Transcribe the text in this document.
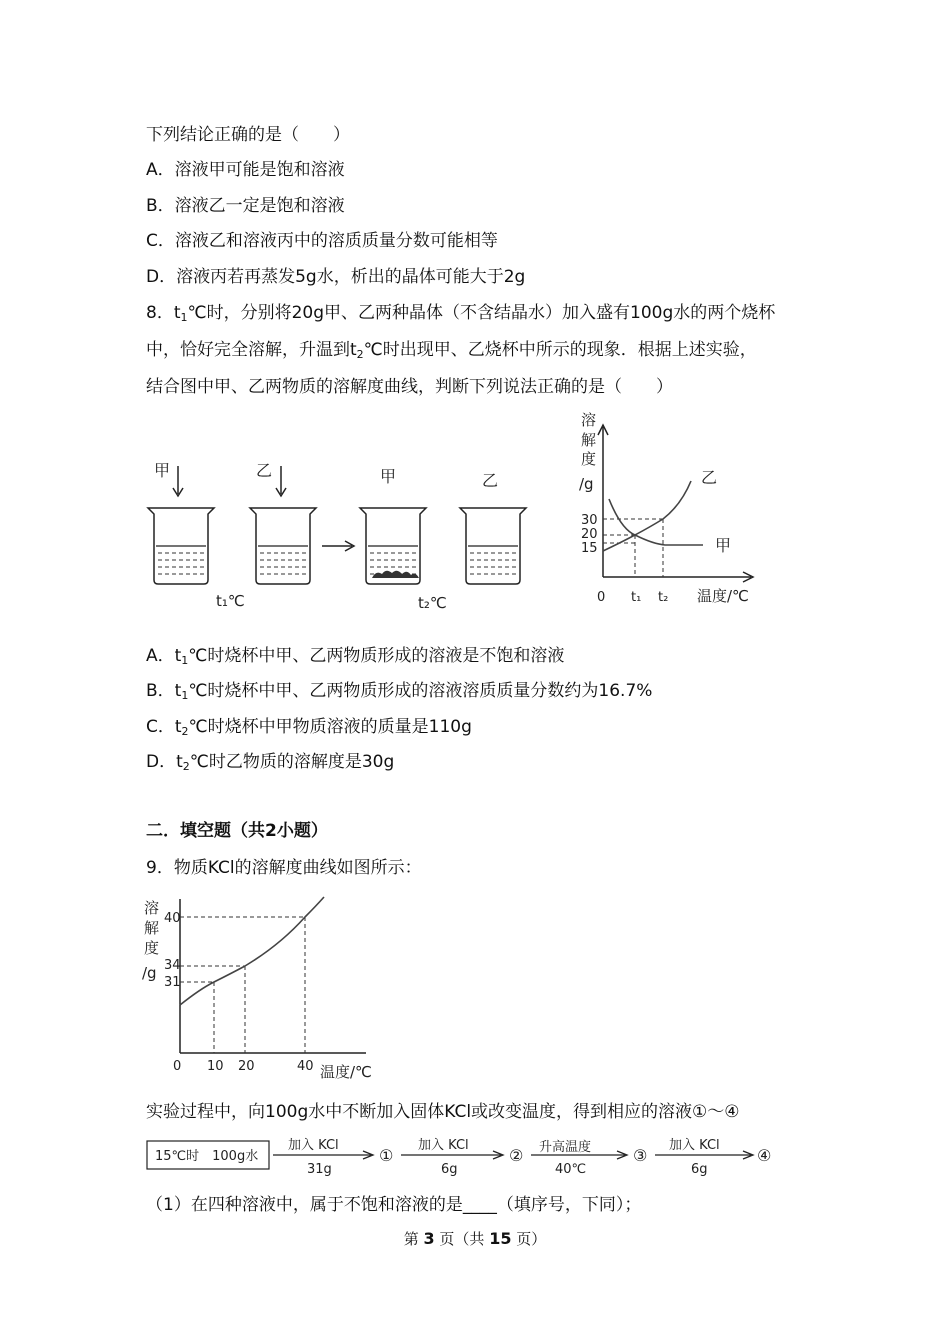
下列结论正确的是（　　）

A．溶液甲可能是饱和溶液

B．溶液乙一定是饱和溶液

C．溶液乙和溶液丙中的溶质质量分数可能相等

D．溶液丙若再蒸发5g水，析出的晶体可能大于2g

8．$t_1℃$时，分别将20g甲、乙两种晶体（不含结晶水）加入盛有100g水的两个烧杯

中，恰好完全溶解，升温到$t_2℃$时出现甲、乙烧杯中所示的现象．根据上述实验，

结合图中甲、乙两物质的溶解度曲线，判断下列说法正确的是（　　）

甲	乙
t₁℃
甲	乙
t₂℃
溶
解
度
/g
30
20
15
0 t₁ t₂ 温度/℃
乙
甲

A．$t_1℃$时烧杯中甲、乙两物质形成的溶液是不饱和溶液

B．$t_1℃$时烧杯中甲、乙两物质形成的溶液溶质质量分数约为16.7%

C．$t_2℃$时烧杯中甲物质溶液的质量是110g

D．$t_2℃$时乙物质的溶解度是30g

二．填空题（共2小题）

9．物质KCl的溶解度曲线如图所示：

溶
解
度
/g
40
34
31
0 10 20	40 温度/℃

实验过程中，向100g水中不断加入固体KCl或改变温度，得到相应的溶液①～④

15℃时　100g水
加入 KCl
31g
①
加入 KCl
6g
② 升高温度
40℃
③
加入 KCl
6g
④

（1）在四种溶液中，属于不饱和溶液的是____（填序号，下同）；

第 3 页（共 15 页）
